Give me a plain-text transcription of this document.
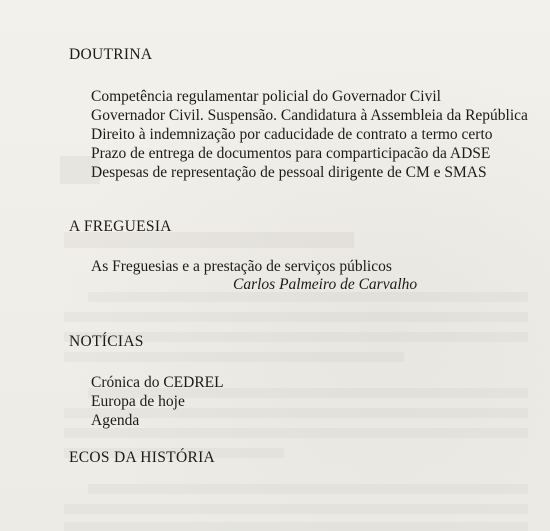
DOUTRINA
Competência regulamentar policial do Governador Civil
Governador Civil. Suspensão. Candidatura à Assembleia da República
Direito à indemnização por caducidade de contrato a termo certo
Prazo de entrega de documentos para comparticipacão da ADSE
Despesas de representação de pessoal dirigente de CM e SMAS
A FREGUESIA
As Freguesias e a prestação de serviços públicos
Carlos Palmeiro de Carvalho
NOTÍCIAS
Crónica do CEDREL
Europa de hoje
Agenda
ECOS DA HISTÓRIA
